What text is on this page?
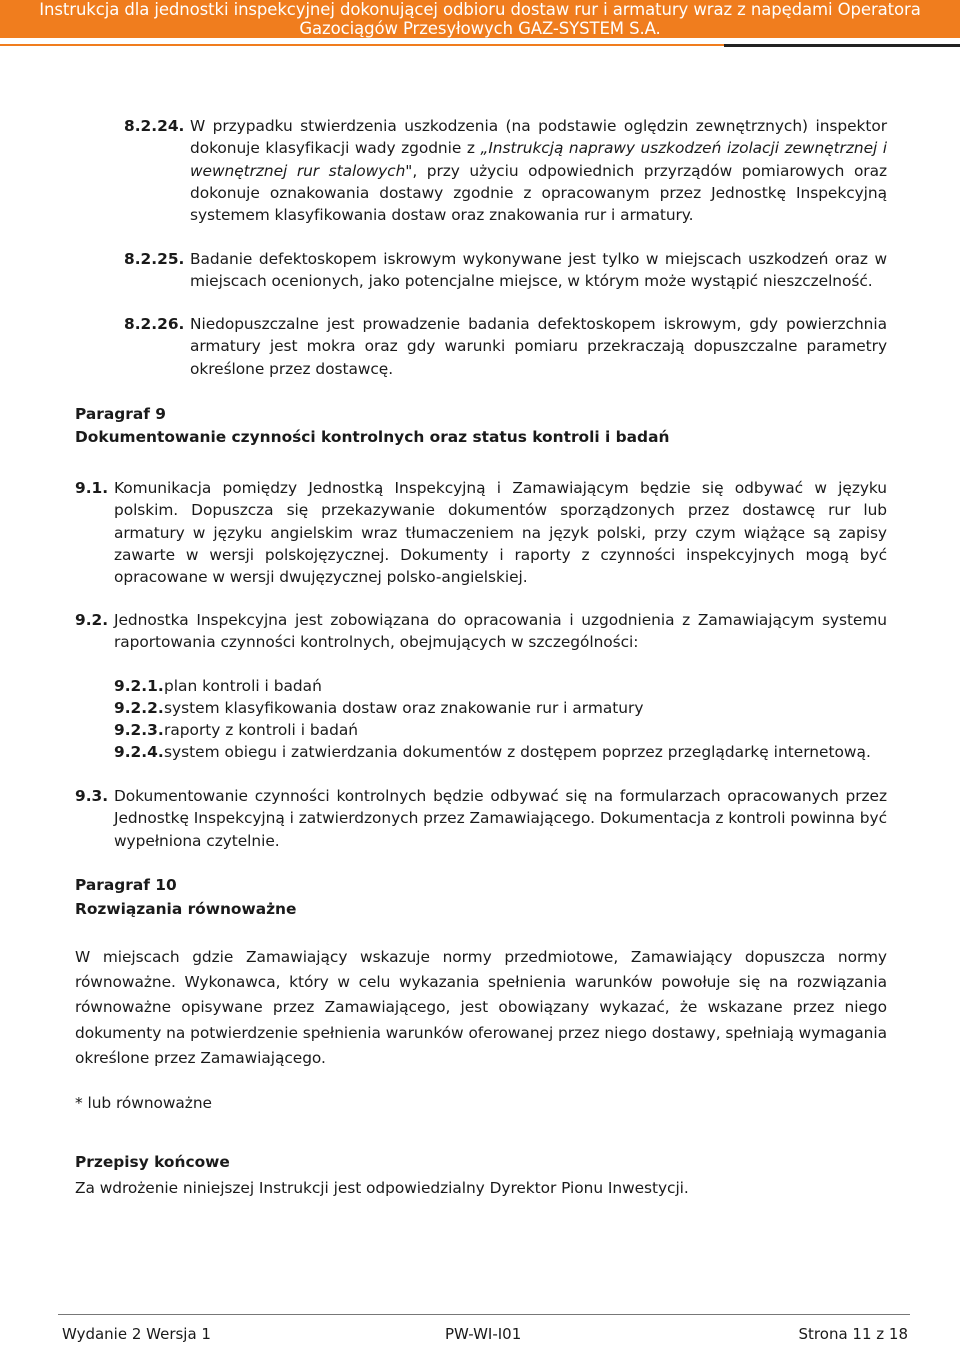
Instrukcja dla jednostki inspekcyjnej dokonującej odbioru dostaw rur i armatury wraz z napędami Operatora
Gazociągów Przesyłowych GAZ-SYSTEM S.A.

8.2.24. W przypadku stwierdzenia uszkodzenia (na podstawie oględzin zewnętrznych) inspektor dokonuje klasyfikacji wady zgodnie z „Instrukcją naprawy uszkodzeń izolacji zewnętrznej i wewnętrznej rur stalowych", przy użyciu odpowiednich przyrządów pomiarowych oraz dokonuje oznakowania dostawy zgodnie z opracowanym przez Jednostkę Inspekcyjną systemem klasyfikowania dostaw oraz znakowania rur i armatury.

8.2.25. Badanie defektoskopem iskrowym wykonywane jest tylko w miejscach uszkodzeń oraz w miejscach ocenionych, jako potencjalne miejsce, w którym może wystąpić nieszczelność.

8.2.26. Niedopuszczalne jest prowadzenie badania defektoskopem iskrowym, gdy powierzchnia armatury jest mokra oraz gdy warunki pomiaru przekraczają dopuszczalne parametry określone przez dostawcę.

Paragraf 9

Dokumentowanie czynności kontrolnych oraz status kontroli i badań

9.1. Komunikacja pomiędzy Jednostką Inspekcyjną i Zamawiającym będzie się odbywać w języku polskim. Dopuszcza się przekazywanie dokumentów sporządzonych przez dostawcę rur lub armatury w języku angielskim wraz tłumaczeniem na język polski, przy czym wiążące są zapisy zawarte w wersji polskojęzycznej. Dokumenty i raporty z czynności inspekcyjnych mogą być opracowane w wersji dwujęzycznej polsko-angielskiej.

9.2. Jednostka Inspekcyjna jest zobowiązana do opracowania i uzgodnienia z Zamawiającym systemu raportowania czynności kontrolnych, obejmujących w szczególności:

9.2.1. plan kontroli i badań

9.2.2. system klasyfikowania dostaw oraz znakowanie rur i armatury

9.2.3. raporty z kontroli i badań

9.2.4. system obiegu i zatwierdzania dokumentów z dostępem poprzez przeglądarkę internetową.

9.3. Dokumentowanie czynności kontrolnych będzie odbywać się na formularzach opracowanych przez Jednostkę Inspekcyjną i zatwierdzonych przez Zamawiającego. Dokumentacja z kontroli powinna być wypełniona czytelnie.

Paragraf 10

Rozwiązania równoważne

W miejscach gdzie Zamawiający wskazuje normy przedmiotowe, Zamawiający dopuszcza normy równoważne. Wykonawca, który w celu wykazania spełnienia warunków powołuje się na rozwiązania równoważne opisywane przez Zamawiającego, jest obowiązany wykazać, że wskazane przez niego dokumenty na potwierdzenie spełnienia warunków oferowanej przez niego dostawy, spełniają wymagania określone przez Zamawiającego.

* lub równoważne

Przepisy końcowe

Za wdrożenie niniejszej Instrukcji jest odpowiedzialny Dyrektor Pionu Inwestycji.

Wydanie 2 Wersja 1	PW-WI-I01	Strona 11 z 18
